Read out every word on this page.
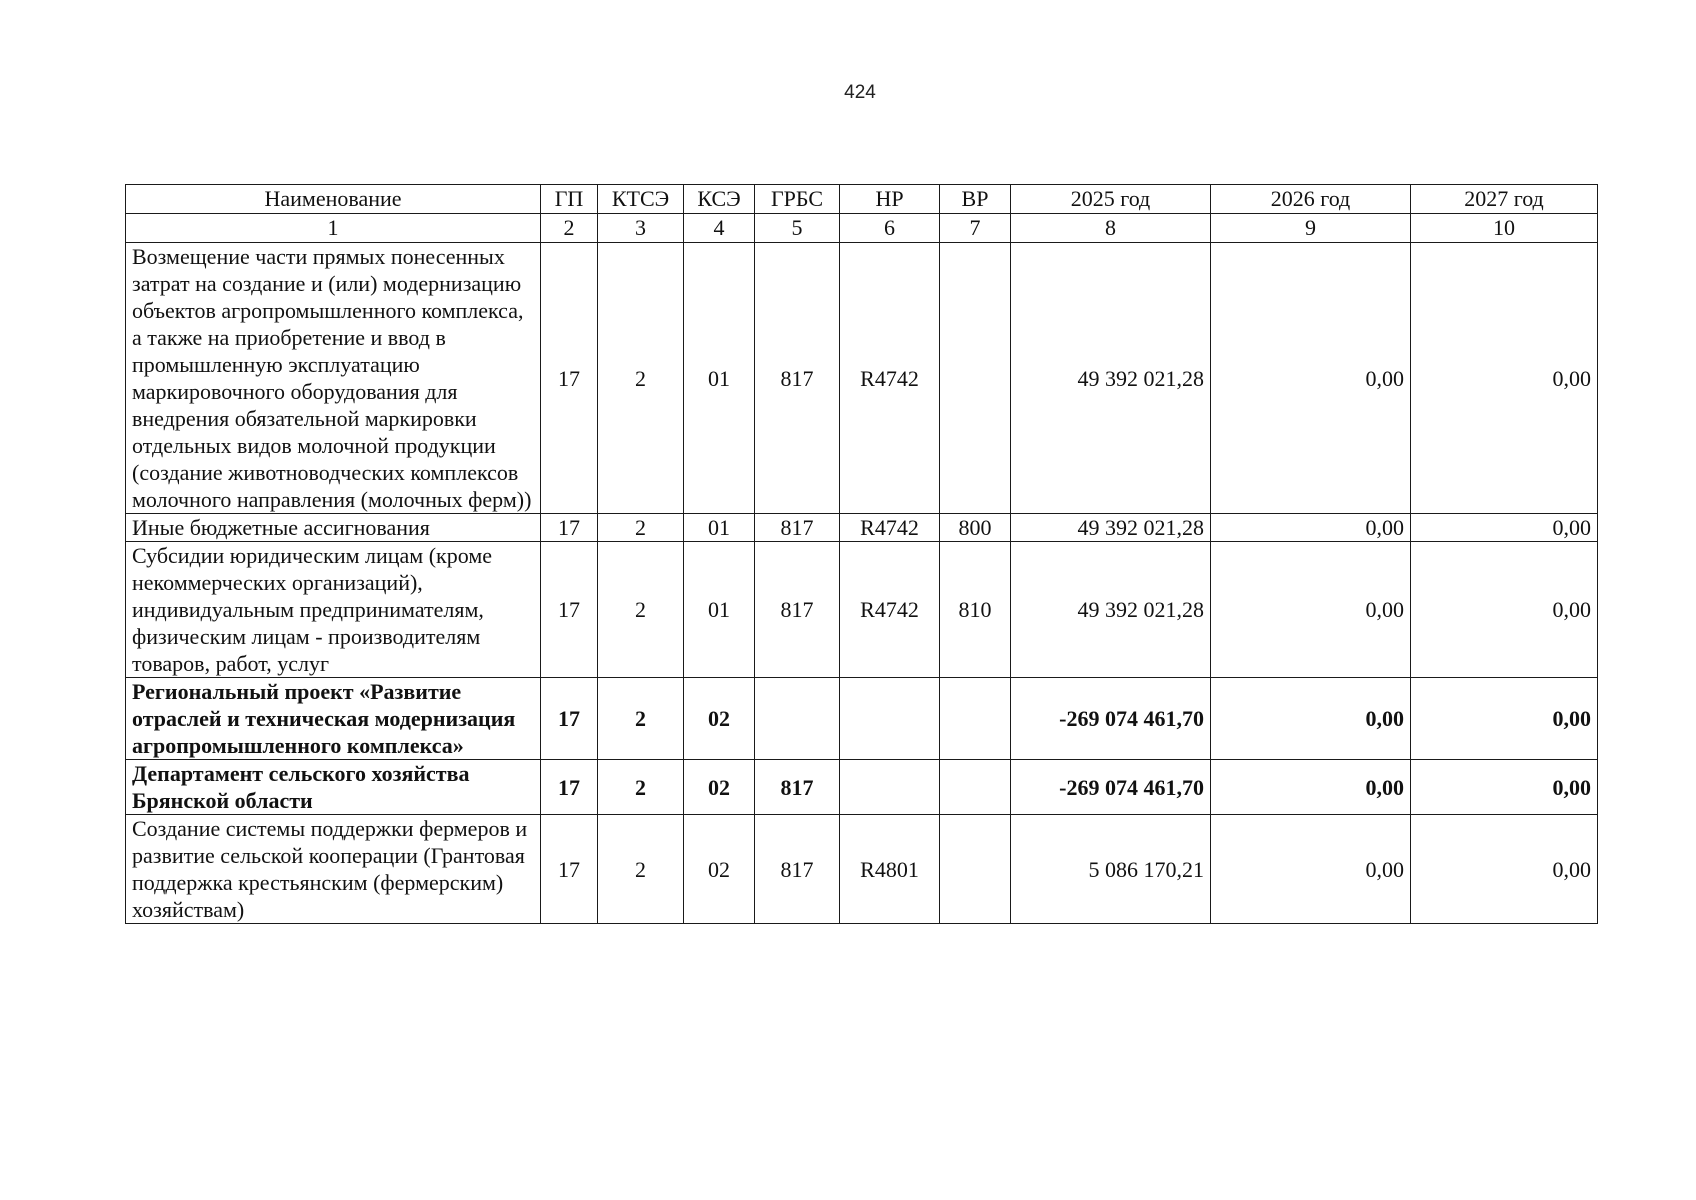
424
Наименование	ГП	КТСЭ	КСЭ	ГРБС	НР	ВР	2025 год	2026 год	2027 год
1	2	3	4	5	6	7	8	9	10
Возмещение части прямых понесенных затрат на создание и (или) модернизацию объектов агропромышленного комплекса, а также на приобретение и ввод в промышленную эксплуатацию маркировочного оборудования для внедрения обязательной маркировки отдельных видов молочной продукции (создание животноводческих комплексов молочного направления (молочных ферм))	17	2	01	817	R4742		49 392 021,28	0,00	0,00
Иные бюджетные ассигнования	17	2	01	817	R4742	800	49 392 021,28	0,00	0,00
Субсидии юридическим лицам (кроме некоммерческих организаций), индивидуальным предпринимателям, физическим лицам - производителям товаров, работ, услуг	17	2	01	817	R4742	810	49 392 021,28	0,00	0,00
Региональный проект «Развитие отраслей и техническая модернизация агропромышленного комплекса»	17	2	02				-269 074 461,70	0,00	0,00
Департамент сельского хозяйства Брянской области	17	2	02	817			-269 074 461,70	0,00	0,00
Создание системы поддержки фермеров и развитие сельской кооперации (Грантовая поддержка крестьянским (фермерским) хозяйствам)	17	2	02	817	R4801		5 086 170,21	0,00	0,00
